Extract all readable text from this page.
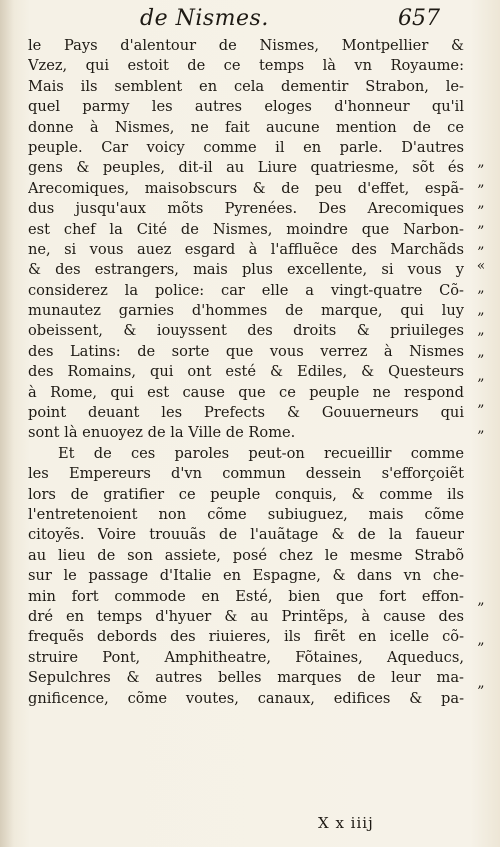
de Nismes.	657
le Pays d'alentour de Nismes, Montpellier &
Vzez, qui estoit de ce temps là vn Royaume:
Mais ils semblent en cela dementir Strabon, le-
quel parmy les autres eloges d'honneur qu'il
donne à Nismes, ne fait aucune mention de ce
peuple. Car voicy comme il en parle. D'autres
gens & peuples, dit-il au Liure quatriesme, sõt és
Arecomiques, maisobscurs & de peu d'effet, espã-
dus jusqu'aux mõts Pyrenées. Des Arecomiques
est chef la Cité de Nismes, moindre que Narbon-
ne, si vous auez esgard à l'affluẽce des Marchãds
& des estrangers, mais plus excellente, si vous y
considerez la police: car elle a vingt-quatre Cõ-
munautez garnies d'hommes de marque, qui luy
obeissent, & iouyssent des droits & priuileges
des Latins: de sorte que vous verrez à Nismes
des Romains, qui ont esté & Ediles, & Questeurs
à Rome, qui est cause que ce peuple ne respond
point deuant les Prefects & Gouuerneurs qui
sont là enuoyez de la Ville de Rome.
Et de ces paroles peut-on recueillir comme
les Empereurs d'vn commun dessein s'efforçoiẽt
lors de gratifier ce peuple conquis, & comme ils
l'entretenoient non cõme subiuguez, mais cõme
citoyẽs. Voire trouuãs de l'auãtage & de la faueur
au lieu de son assiete, posé chez le mesme Strabõ
sur le passage d'Italie en Espagne, & dans vn che-
min fort commode en Esté, bien que fort effon-
dré en temps d'hyuer & au Printẽps, à cause des
frequẽs debords des riuieres, ils firẽt en icelle cõ-
struire Pont, Amphitheatre, Fõtaines, Aqueducs,
Sepulchres & autres belles marques de leur ma-
gnificence, cõme voutes, canaux, edifices & pa-
„
„
„
„
„
«
„
„
„
„
„
„
„
„
„
„
X x iiij
